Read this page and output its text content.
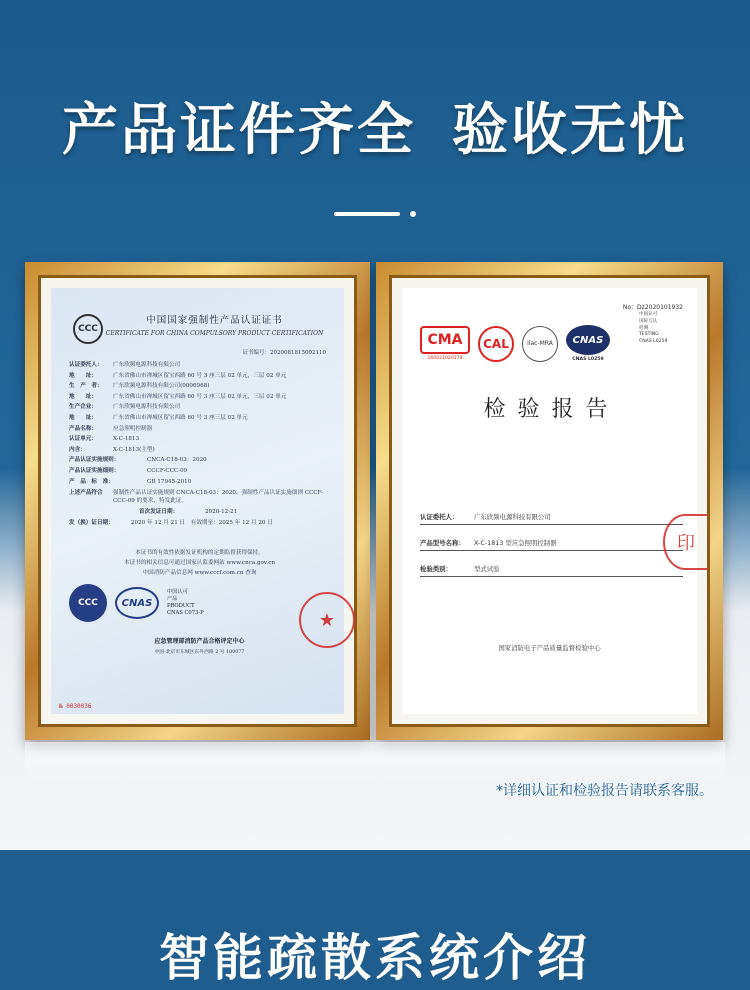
产品证件齐全 验收无忧
CCC
中国国家强制性产品认证证书
CERTIFICATE FOR CHINA COMPULSORY PRODUCT CERTIFICATION
证书编号：2020081815002110
认证委托人：	广东欣频电源科技有限公司
地　　址：	广东省佛山市禅城区留宝西路 60 号 3 座三层 02 单元，三层 02 单元
生　产　者：	广东欣频电源科技有限公司(0006968)
地　　址：	广东省佛山市禅城区留宝西路 60 号 3 座三层 02 单元，三层 02 单元
生产企业：	广东欣频电源科技有限公司
地　　址：	广东省佛山市禅城区留宝西路 60 号 3 座三层 02 单元
产品名称：	应急照明控制器
认证单元：	X-C-1813
内含：	X-C-1813(主型)
产品认证实施规则：	CNCA-C18-03：2020
产品认证实施细则：	CCCF-CCC-09
产　品　标　准：	GB 17945-2010
上述产品符合	强制性产品认证实施规则 CNCA-C18-03：2020、强制性产品认证实施细则 CCCF-CCC-09 的要求，特发此证。
首次发证日期：	2020-12-21
发（换）证日期：	2020 年 12 月 21 日　有效期至：2025 年 12 月 20 日
本证书的有效性依据发证机构的定期监督获得保持。
本证书的相关信息可通过国家认监委网站 www.cnca.gov.cn
中国消防产品信息网 www.cccf.com.cn 查询
CCC	CNAS
中国认可
产品
PRODUCT
CNAS C073-P	★
应急管理部消防产品合格评定中心
中国·北京市东城区东外西路 2 号 100077
№ 0030036
No：Dz2020101932
中国认可
国际互认
检测
TESTING
CNAS L0259
CMA
160021020178
CAL	ilac-MRA	CNAS
CNAS L0259
检验报告
认证委托人：	广东欣频电源科技有限公司
产品型号名称：	X-C-1813 型应急照明控制器
检验类别：	型式试验
国家消防电子产品质量监督检验中心
印
*详细认证和检验报告请联系客服。
智能疏散系统介绍
